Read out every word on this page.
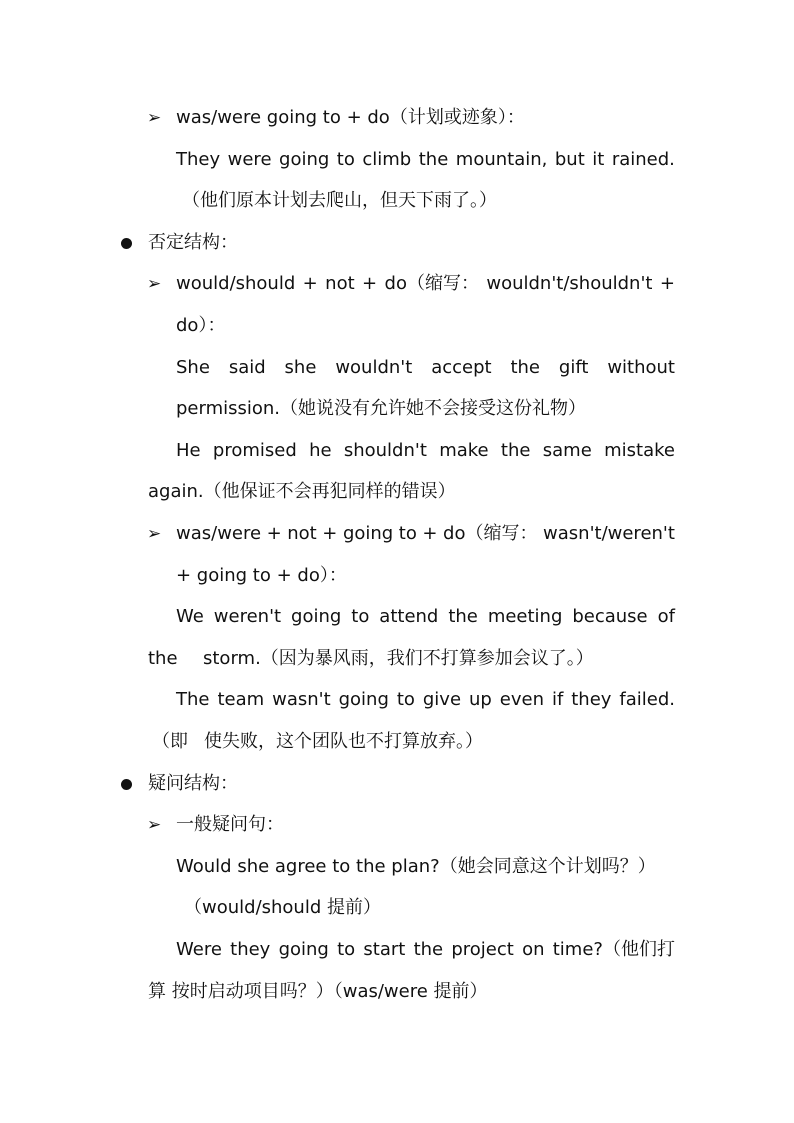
➢ was/were going to + do（计划或迹象）：
They were going to climb the mountain, but it rained.
（他们原本计划去爬山，但天下雨了。）
否定结构：
➢ would/should + not + do（缩写： wouldn't/shouldn't +
do）：
She said she wouldn't accept the gift without
permission.（她说没有允许她不会接受这份礼物）
He promised he shouldn't make the same mistake
again.（他保证不会再犯同样的错误）
➢ was/were + not + going to + do（缩写： wasn't/weren't
+ going to + do）：
We weren't going to attend the meeting because of
the storm.（因为暴风雨，我们不打算参加会议了。）
The team wasn't going to give up even if they failed.
（即 使失败，这个团队也不打算放弃。）
疑问结构：
➢ 一般疑问句：
Would she agree to the plan?（她会同意这个计划吗？）
（would/should 提前）
Were they going to start the project on time?（他们打
算 按时启动项目吗？）（was/were 提前）
